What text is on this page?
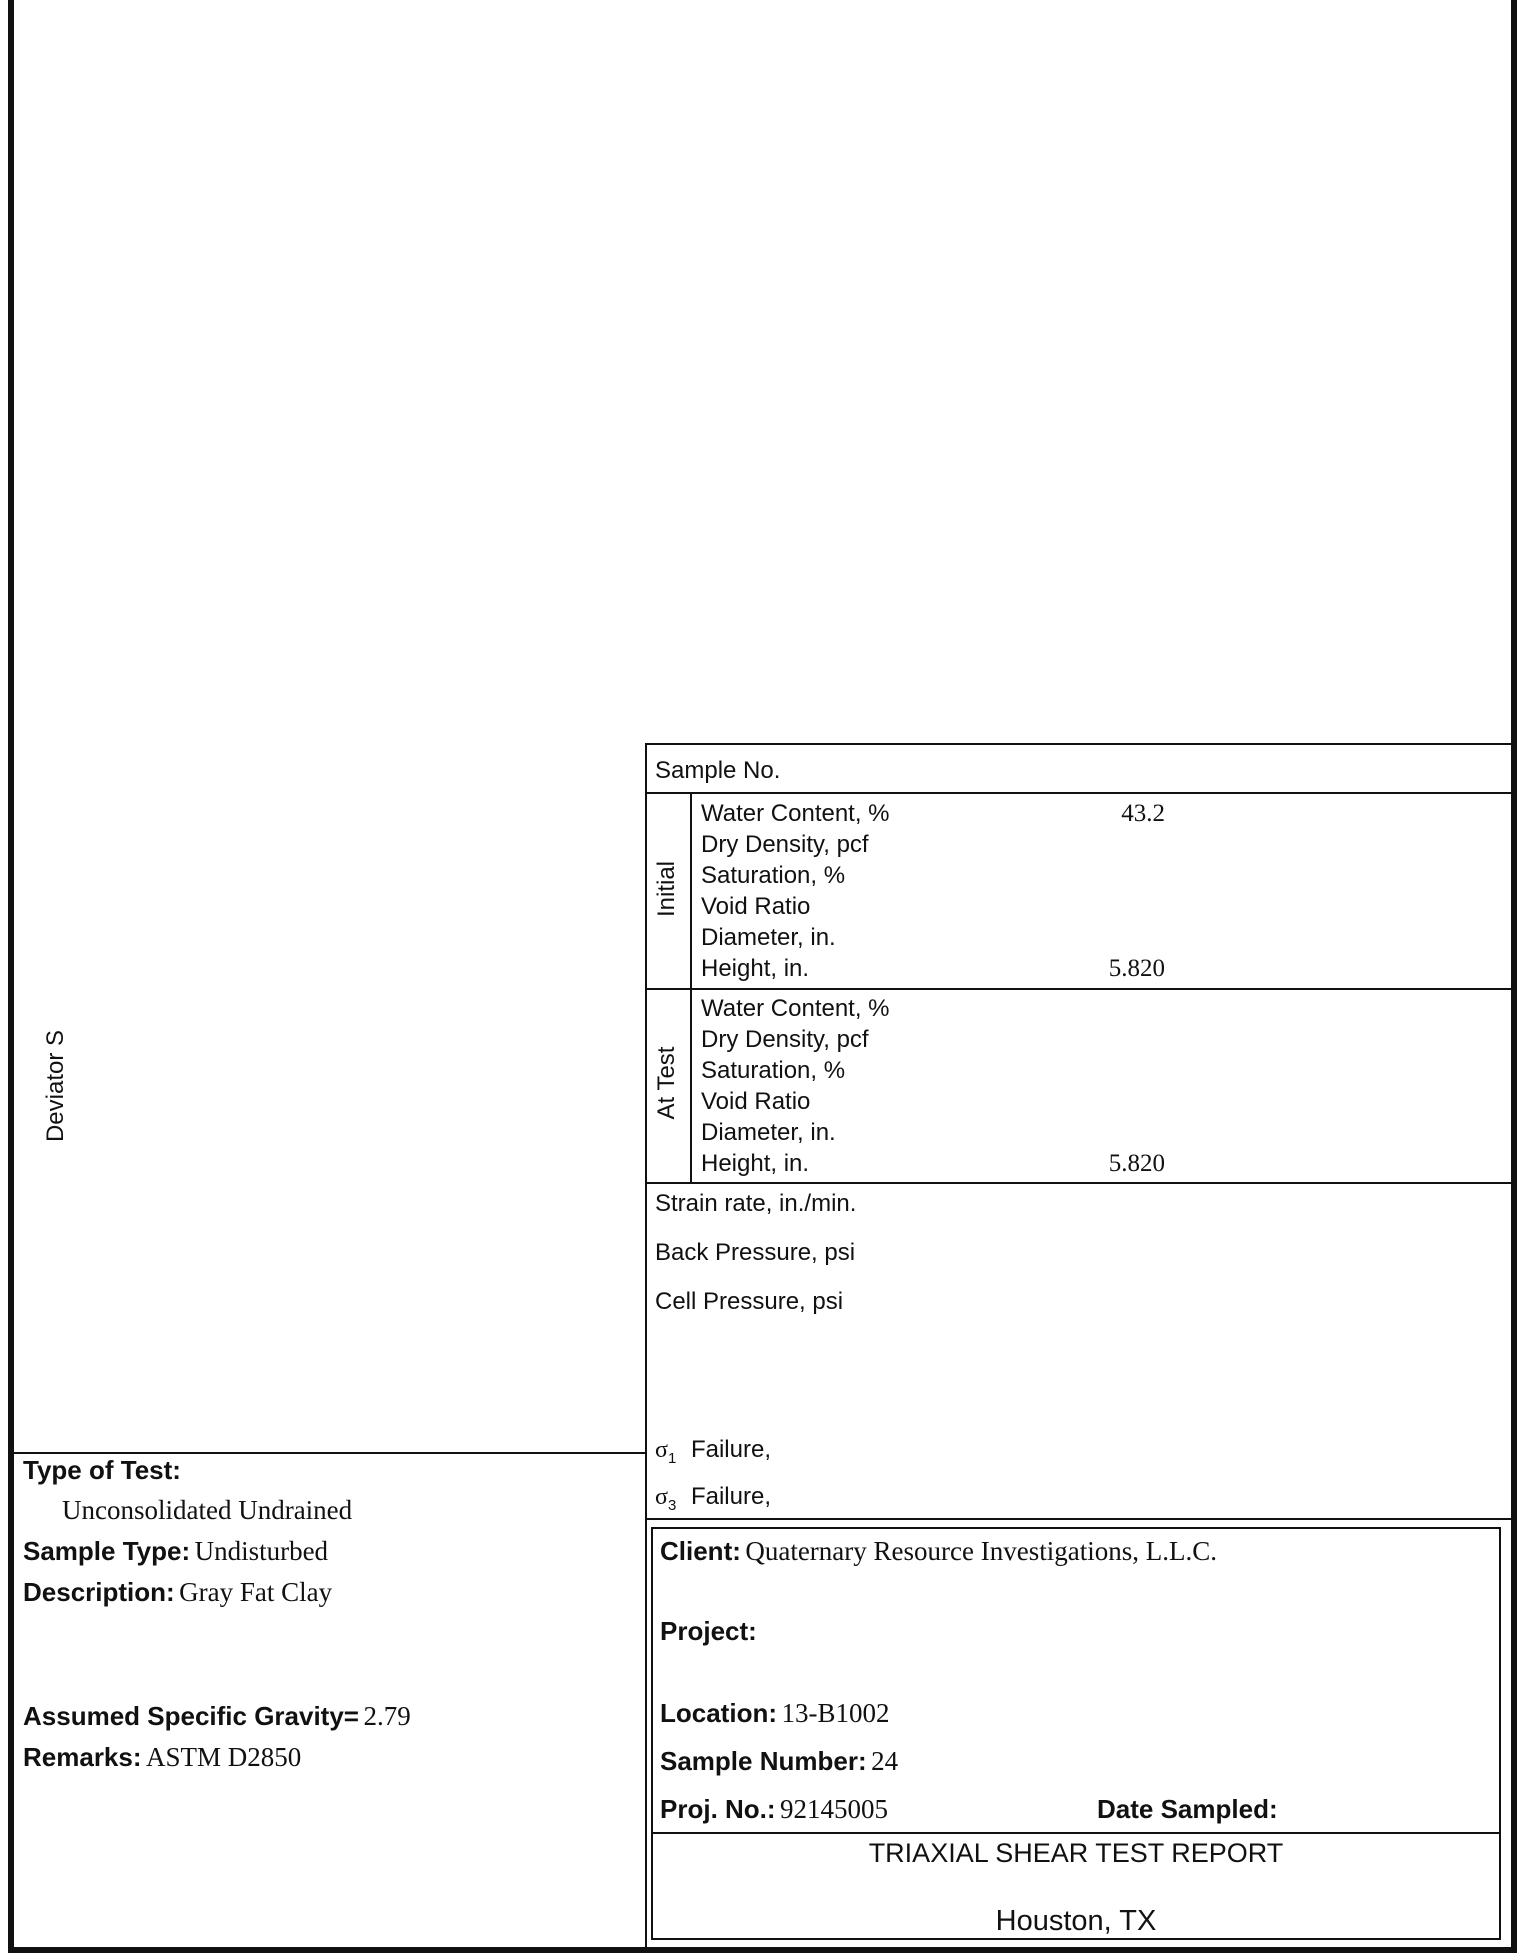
Deviator S
Sample No.
Initial
Water Content, %
Dry Density, pcf
Saturation, %
Void Ratio
Diameter, in.
Height, in.
43.2

5.820
At Test
Water Content, %
Dry Density, pcf
Saturation, %
Void Ratio
Diameter, in.
Height, in.

	5.820
Strain rate, in./min.
Back Pressure, psi
Cell Pressure, psi
$\sigma_1$ Failure,
$\sigma_3$ Failure,
Type of Test:
Unconsolidated Undrained
Sample Type: Undisturbed
Description: Gray Fat Clay
Assumed Specific Gravity= 2.79
Remarks: ASTM D2850
Client: Quaternary Resource Investigations, L.L.C.
Project:
Location: 13-B1002
Sample Number: 24
Proj. No.: 92145005	Date Sampled:
TRIAXIAL SHEAR TEST REPORT
Houston, TX
